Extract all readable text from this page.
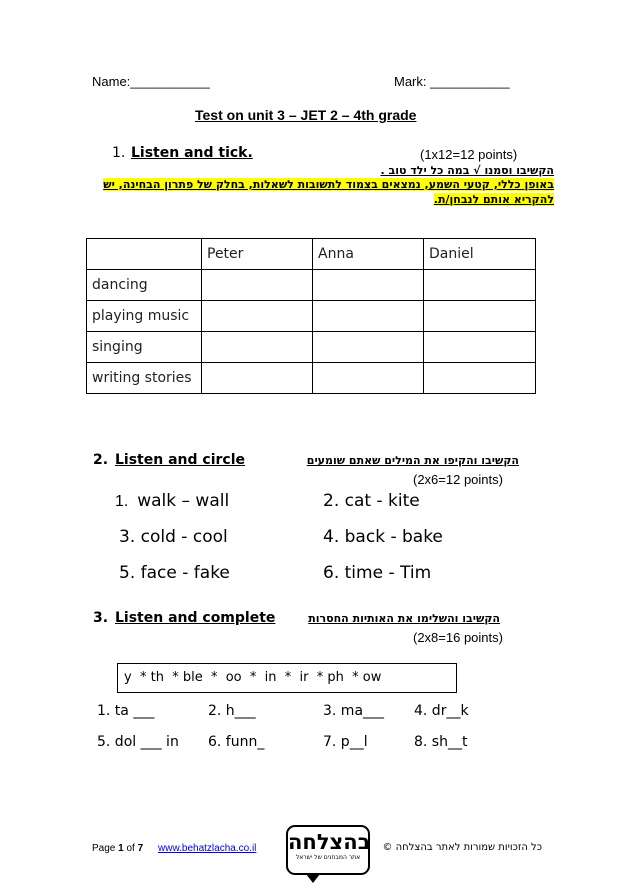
Name:___________	Mark: ___________
Test on unit 3 – JET 2 – 4th grade
1. Listen and tick.	(1x12=12 points)
הקשיבו וסמנו √ במה כל ילד טוב .
באופן כללי, קטעי השמע, נמצאים בצמוד לתשובות לשאלות, בחלק של פתרון הבחינה, יש
להקריא אותם לנבחן/ת.
	Peter	Anna	Daniel
dancing			
playing music			
singing			
writing stories			
2. Listen and circle	הקשיבו והקיפו את המילים שאתם שומעים
(2x6=12 points)
1. walk – wall	2. cat - kite
3. cold - cool	4. back - bake
5. face - fake	6. time - Tim
3. Listen and complete	הקשיבו והשלימו את האותיות החסרות
(2x8=16 points)
y  * th  * ble  *  oo  *  in  *  ir  * ph  * ow
1. ta ___	2. h___	3. ma___ 4. dr__k
5. dol ___ in 6. funn_	7. p__l	8. sh__t
Page 1 of 7 www.behatzlacha.co.il בהצלחה
אתר המבחנים של ישראל
כל הזכויות שמורות לאתר בהצלחה ©
